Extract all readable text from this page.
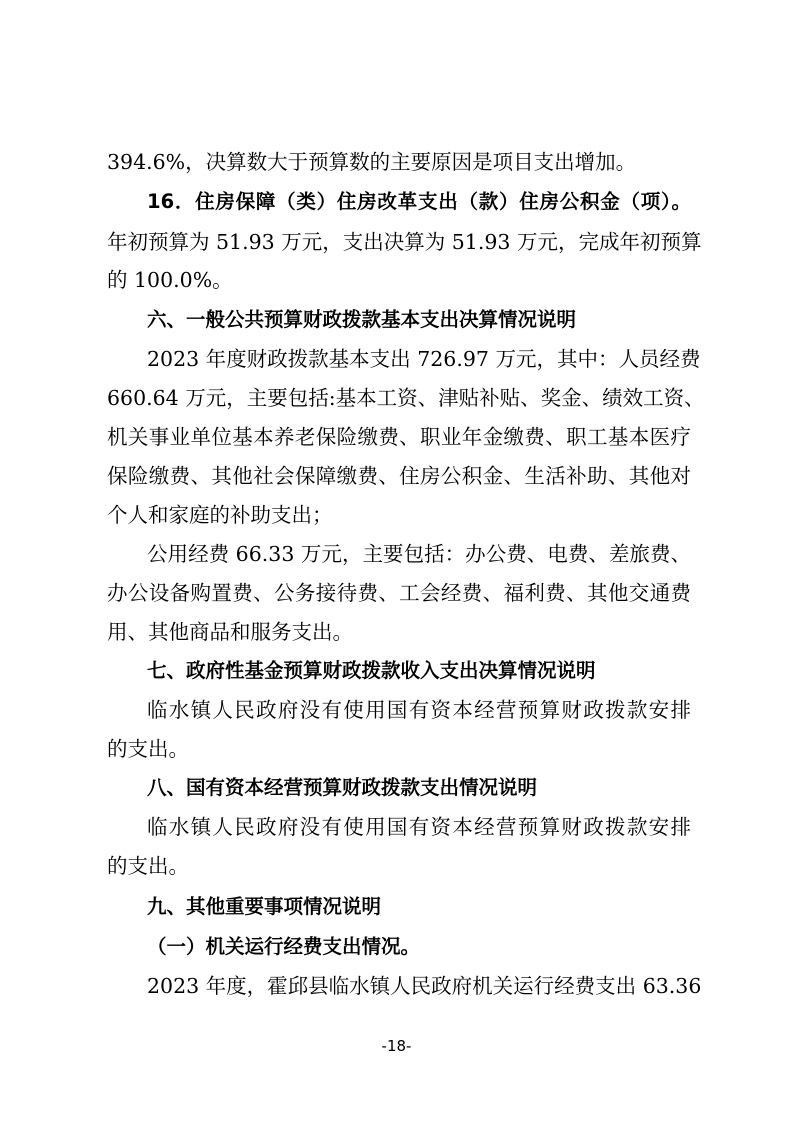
394.6%，决算数大于预算数的主要原因是项目支出增加。

16．住房保障（类）住房改革支出（款）住房公积金（项）。

年初预算为 51.93 万元，支出决算为 51.93 万元，完成年初预算

的 100.0%。

六、一般公共预算财政拨款基本支出决算情况说明

2023 年度财政拨款基本支出 726.97 万元，其中：人员经费

660.64 万元，主要包括:基本工资、津贴补贴、奖金、绩效工资、

机关事业单位基本养老保险缴费、职业年金缴费、职工基本医疗

保险缴费、其他社会保障缴费、住房公积金、生活补助、其他对

个人和家庭的补助支出；

公用经费 66.33 万元，主要包括：办公费、电费、差旅费、

办公设备购置费、公务接待费、工会经费、福利费、其他交通费

用、其他商品和服务支出。

七、政府性基金预算财政拨款收入支出决算情况说明

临水镇人民政府没有使用国有资本经营预算财政拨款安排

的支出。

八、国有资本经营预算财政拨款支出情况说明

临水镇人民政府没有使用国有资本经营预算财政拨款安排

的支出。

九、其他重要事项情况说明

（一）机关运行经费支出情况。

2023 年度，霍邱县临水镇人民政府机关运行经费支出 63.36

-18-
